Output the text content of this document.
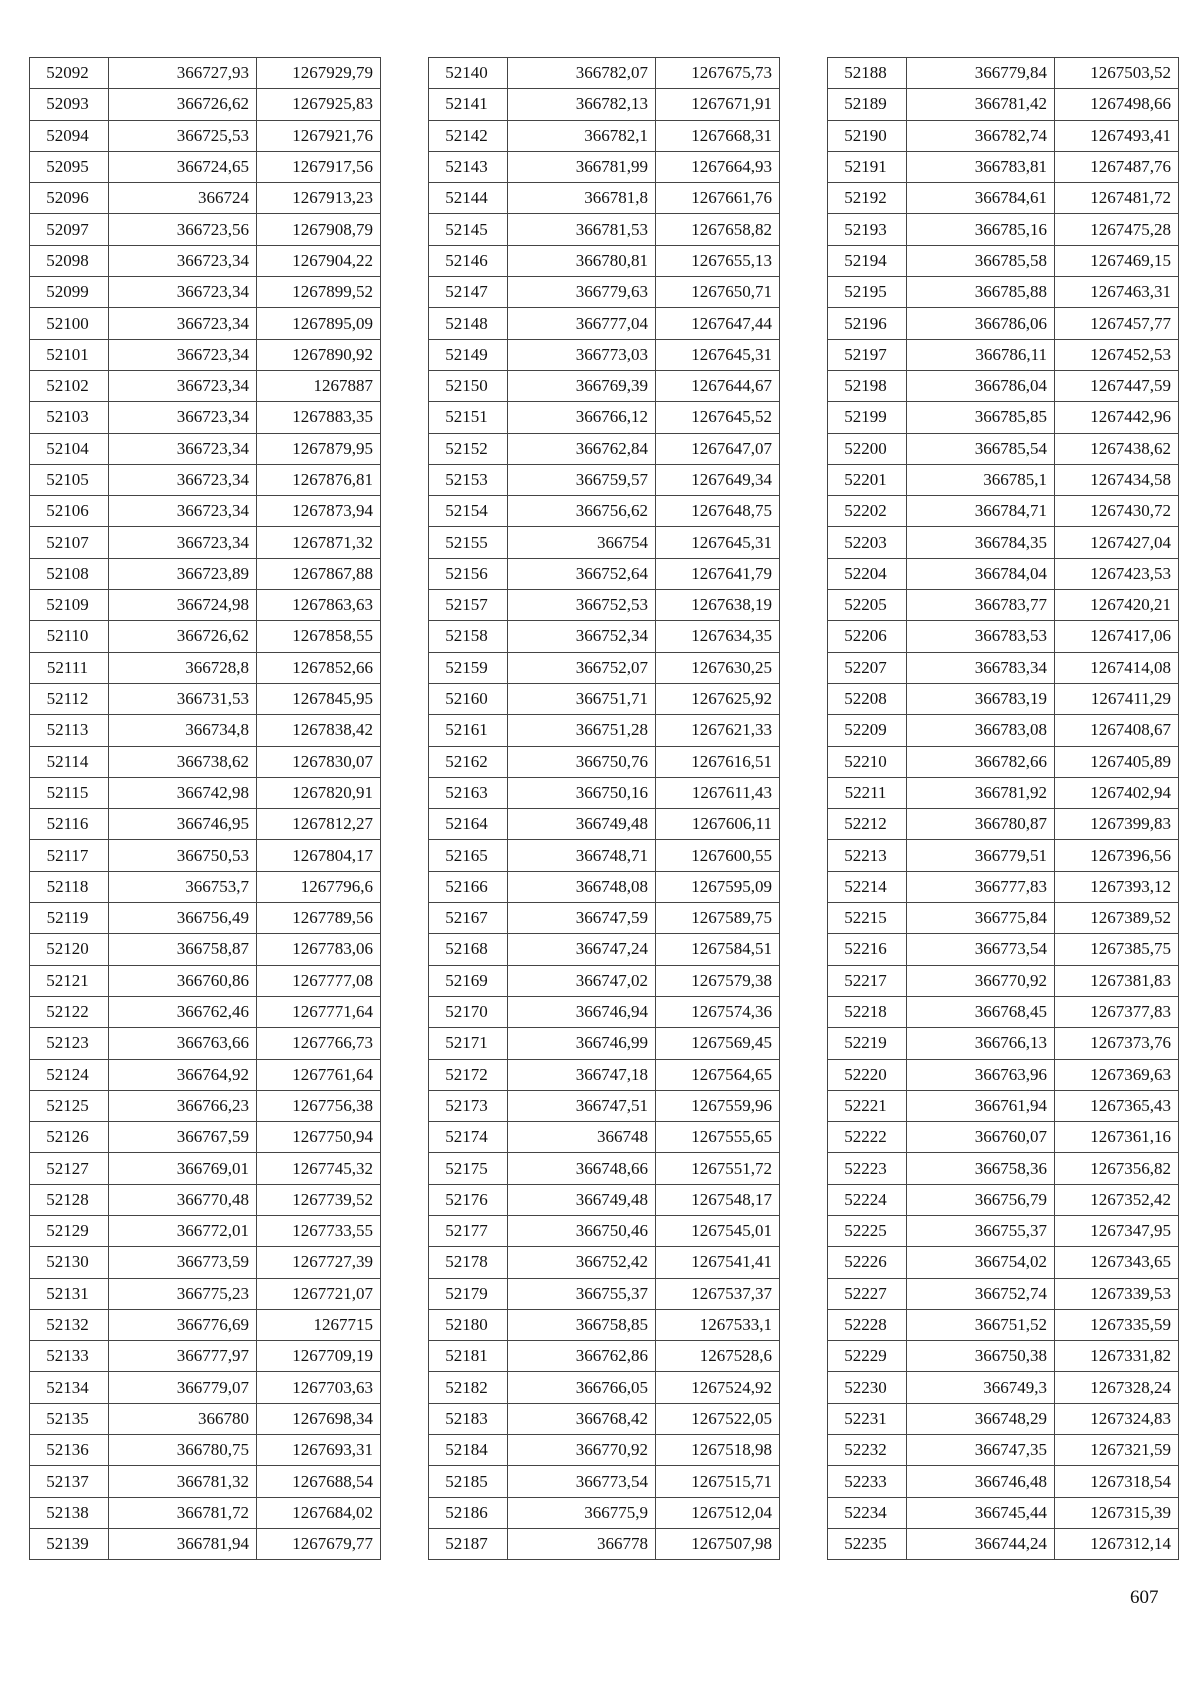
52092	366727,93	1267929,79
52093	366726,62	1267925,83
52094	366725,53	1267921,76
52095	366724,65	1267917,56
52096	366724	1267913,23
52097	366723,56	1267908,79
52098	366723,34	1267904,22
52099	366723,34	1267899,52
52100	366723,34	1267895,09
52101	366723,34	1267890,92
52102	366723,34	1267887
52103	366723,34	1267883,35
52104	366723,34	1267879,95
52105	366723,34	1267876,81
52106	366723,34	1267873,94
52107	366723,34	1267871,32
52108	366723,89	1267867,88
52109	366724,98	1267863,63
52110	366726,62	1267858,55
52111	366728,8	1267852,66
52112	366731,53	1267845,95
52113	366734,8	1267838,42
52114	366738,62	1267830,07
52115	366742,98	1267820,91
52116	366746,95	1267812,27
52117	366750,53	1267804,17
52118	366753,7	1267796,6
52119	366756,49	1267789,56
52120	366758,87	1267783,06
52121	366760,86	1267777,08
52122	366762,46	1267771,64
52123	366763,66	1267766,73
52124	366764,92	1267761,64
52125	366766,23	1267756,38
52126	366767,59	1267750,94
52127	366769,01	1267745,32
52128	366770,48	1267739,52
52129	366772,01	1267733,55
52130	366773,59	1267727,39
52131	366775,23	1267721,07
52132	366776,69	1267715
52133	366777,97	1267709,19
52134	366779,07	1267703,63
52135	366780	1267698,34
52136	366780,75	1267693,31
52137	366781,32	1267688,54
52138	366781,72	1267684,02
52139	366781,94	1267679,77
52140	366782,07	1267675,73
52141	366782,13	1267671,91
52142	366782,1	1267668,31
52143	366781,99	1267664,93
52144	366781,8	1267661,76
52145	366781,53	1267658,82
52146	366780,81	1267655,13
52147	366779,63	1267650,71
52148	366777,04	1267647,44
52149	366773,03	1267645,31
52150	366769,39	1267644,67
52151	366766,12	1267645,52
52152	366762,84	1267647,07
52153	366759,57	1267649,34
52154	366756,62	1267648,75
52155	366754	1267645,31
52156	366752,64	1267641,79
52157	366752,53	1267638,19
52158	366752,34	1267634,35
52159	366752,07	1267630,25
52160	366751,71	1267625,92
52161	366751,28	1267621,33
52162	366750,76	1267616,51
52163	366750,16	1267611,43
52164	366749,48	1267606,11
52165	366748,71	1267600,55
52166	366748,08	1267595,09
52167	366747,59	1267589,75
52168	366747,24	1267584,51
52169	366747,02	1267579,38
52170	366746,94	1267574,36
52171	366746,99	1267569,45
52172	366747,18	1267564,65
52173	366747,51	1267559,96
52174	366748	1267555,65
52175	366748,66	1267551,72
52176	366749,48	1267548,17
52177	366750,46	1267545,01
52178	366752,42	1267541,41
52179	366755,37	1267537,37
52180	366758,85	1267533,1
52181	366762,86	1267528,6
52182	366766,05	1267524,92
52183	366768,42	1267522,05
52184	366770,92	1267518,98
52185	366773,54	1267515,71
52186	366775,9	1267512,04
52187	366778	1267507,98
52188	366779,84	1267503,52
52189	366781,42	1267498,66
52190	366782,74	1267493,41
52191	366783,81	1267487,76
52192	366784,61	1267481,72
52193	366785,16	1267475,28
52194	366785,58	1267469,15
52195	366785,88	1267463,31
52196	366786,06	1267457,77
52197	366786,11	1267452,53
52198	366786,04	1267447,59
52199	366785,85	1267442,96
52200	366785,54	1267438,62
52201	366785,1	1267434,58
52202	366784,71	1267430,72
52203	366784,35	1267427,04
52204	366784,04	1267423,53
52205	366783,77	1267420,21
52206	366783,53	1267417,06
52207	366783,34	1267414,08
52208	366783,19	1267411,29
52209	366783,08	1267408,67
52210	366782,66	1267405,89
52211	366781,92	1267402,94
52212	366780,87	1267399,83
52213	366779,51	1267396,56
52214	366777,83	1267393,12
52215	366775,84	1267389,52
52216	366773,54	1267385,75
52217	366770,92	1267381,83
52218	366768,45	1267377,83
52219	366766,13	1267373,76
52220	366763,96	1267369,63
52221	366761,94	1267365,43
52222	366760,07	1267361,16
52223	366758,36	1267356,82
52224	366756,79	1267352,42
52225	366755,37	1267347,95
52226	366754,02	1267343,65
52227	366752,74	1267339,53
52228	366751,52	1267335,59
52229	366750,38	1267331,82
52230	366749,3	1267328,24
52231	366748,29	1267324,83
52232	366747,35	1267321,59
52233	366746,48	1267318,54
52234	366745,44	1267315,39
52235	366744,24	1267312,14
607
